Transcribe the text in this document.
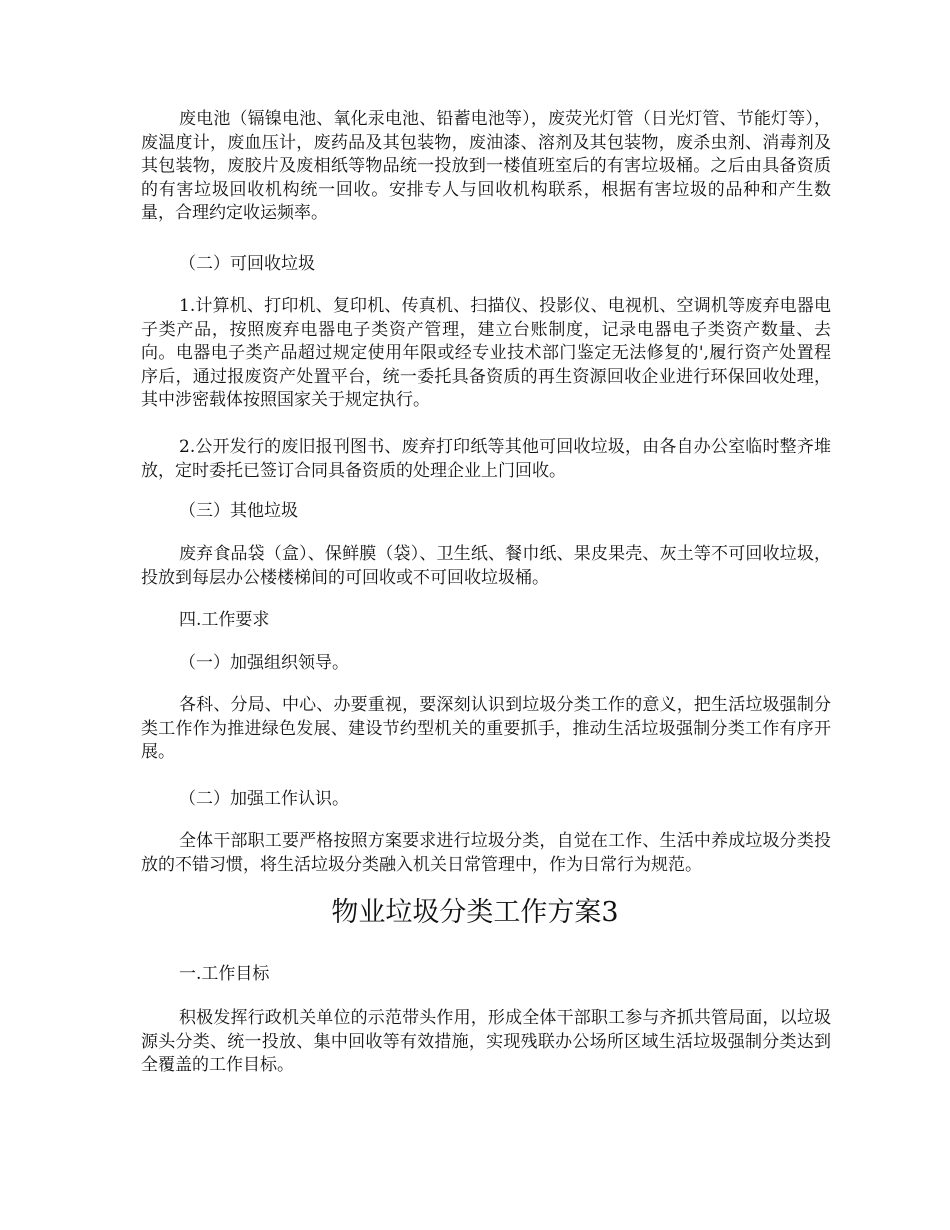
废电池（镉镍电池、氧化汞电池、铅蓄电池等），废荧光灯管（日光灯管、节能灯等），废温度计，废血压计，废药品及其包装物，废油漆、溶剂及其包装物，废杀虫剂、消毒剂及其包装物，废胶片及废相纸等物品统一投放到一楼值班室后的有害垃圾桶。之后由具备资质的有害垃圾回收机构统一回收。安排专人与回收机构联系，根据有害垃圾的品种和产生数量，合理约定收运频率。

（二）可回收垃圾

1.计算机、打印机、复印机、传真机、扫描仪、投影仪、电视机、空调机等废弃电器电子类产品，按照废弃电器电子类资产管理，建立台账制度，记录电器电子类资产数量、去向。电器电子类产品超过规定使用年限或经专业技术部门鉴定无法修复的',履行资产处置程序后，通过报废资产处置平台，统一委托具备资质的再生资源回收企业进行环保回收处理，其中涉密载体按照国家关于规定执行。

2.公开发行的废旧报刊图书、废弃打印纸等其他可回收垃圾，由各自办公室临时整齐堆放，定时委托已签订合同具备资质的处理企业上门回收。

（三）其他垃圾

废弃食品袋（盒）、保鲜膜（袋）、卫生纸、餐巾纸、果皮果壳、灰土等不可回收垃圾，投放到每层办公楼楼梯间的可回收或不可回收垃圾桶。

四.工作要求

（一）加强组织领导。

各科、分局、中心、办要重视，要深刻认识到垃圾分类工作的意义，把生活垃圾强制分类工作作为推进绿色发展、建设节约型机关的重要抓手，推动生活垃圾强制分类工作有序开展。

（二）加强工作认识。

全体干部职工要严格按照方案要求进行垃圾分类，自觉在工作、生活中养成垃圾分类投放的不错习惯，将生活垃圾分类融入机关日常管理中，作为日常行为规范。

物业垃圾分类工作方案3

一.工作目标

积极发挥行政机关单位的示范带头作用，形成全体干部职工参与齐抓共管局面，以垃圾源头分类、统一投放、集中回收等有效措施，实现残联办公场所区域生活垃圾强制分类达到全覆盖的工作目标。
